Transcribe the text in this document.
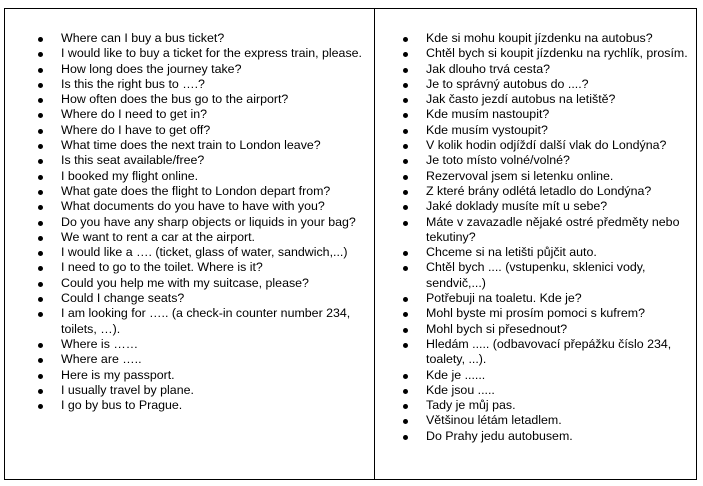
Where can I buy a bus ticket?
I would like to buy a ticket for the express train, please.
How long does the journey take?
Is this the right bus to ….?
How often does the bus go to the airport?
Where do I need to get in?
Where do I have to get off?
What time does the next train to London leave?
Is this seat available/free?
I booked my flight online.
What gate does the flight to London depart from?
What documents do you have to have with you?
Do you have any sharp objects or liquids in your bag?
We want to rent a car at the airport.
I would like a …. (ticket, glass of water, sandwich,...)
I need to go to the toilet. Where is it?
Could you help me with my suitcase, please?
Could I change seats?
I am looking for ….. (a check-in counter number 234, toilets, …).
Where is ……
Where are …..
Here is my passport.
I usually travel by plane.
I go by bus to Prague.
Kde si mohu koupit jízdenku na autobus?
Chtěl bych si koupit jízdenku na rychlík, prosím.
Jak dlouho trvá cesta?
Je to správný autobus do ....?
Jak často jezdí autobus na letiště?
Kde musím nastoupit?
Kde musím vystoupit?
V kolik hodin odjíždí další vlak do Londýna?
Je toto místo volné/volné?
Rezervoval jsem si letenku online.
Z které brány odlétá letadlo do Londýna?
Jaké doklady musíte mít u sebe?
Máte v zavazadle nějaké ostré předměty nebo tekutiny?
Chceme si na letišti půjčit auto.
Chtěl bych .... (vstupenku, sklenici vody, sendvič,...)
Potřebuji na toaletu. Kde je?
Mohl byste mi prosím pomoci s kufrem?
Mohl bych si přesednout?
Hledám ..... (odbavovací přepážku číslo 234, toalety, ...).
Kde je ......
Kde jsou .....
Tady je můj pas.
Většinou létám letadlem.
Do Prahy jedu autobusem.
